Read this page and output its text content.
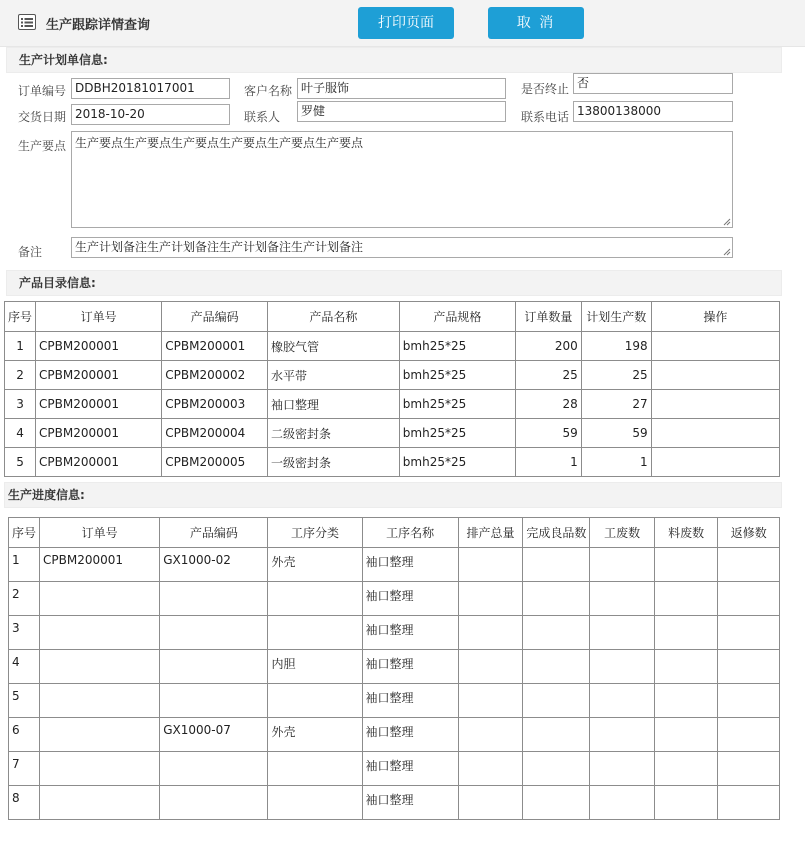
生产跟踪详情查询	打印页面	取 消
生产计划单信息:
订单编号 DDBH20181017001	客户名称 叶子服饰	是否终止 否
交货日期 2018-10-20	联系人	罗健	联系电话 13800138000
生产要点 生产要点生产要点生产要点生产要点生产要点生产要点
备注	生产计划备注生产计划备注生产计划备注生产计划备注
产品目录信息:
序号	订单号	产品编码	产品名称	产品规格	订单数量	计划生产数	操作
1	CPBM200001	CPBM200001	橡胶气管	bmh25*25	200	198	
2	CPBM200001	CPBM200002	水平带	bmh25*25	25	25	
3	CPBM200001	CPBM200003	袖口整理	bmh25*25	28	27	
4	CPBM200001	CPBM200004	二级密封条	bmh25*25	59	59	
5	CPBM200001	CPBM200005	一级密封条	bmh25*25	1	1	
生产进度信息:
序号	订单号	产品编码	工序分类	工序名称	排产总量	完成良品数	工废数	料废数	返修数
1	CPBM200001	GX1000-02	外壳	袖口整理					
2				袖口整理					
3				袖口整理					
4			内胆	袖口整理					
5				袖口整理					
6		GX1000-07	外壳	袖口整理					
7				袖口整理					
8				袖口整理					
